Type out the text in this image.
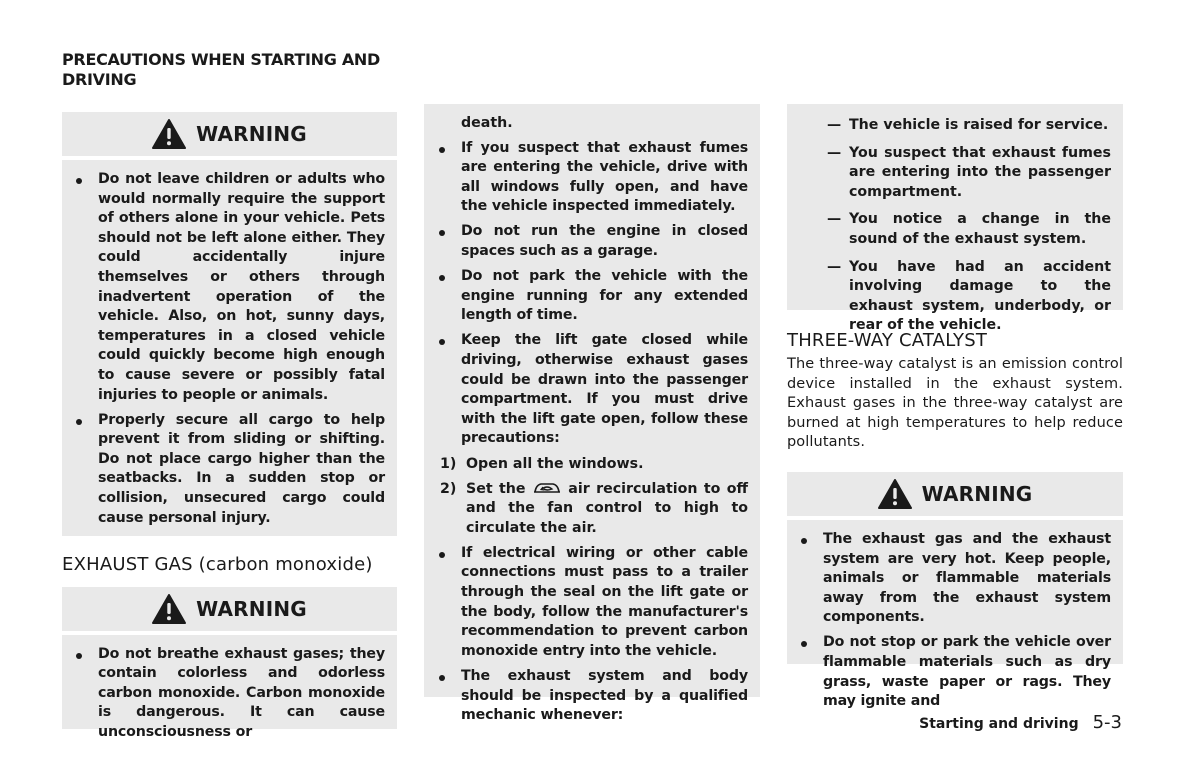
PRECAUTIONS WHEN STARTING AND DRIVING
WARNING
Do not leave children or adults who would normally require the support of others alone in your vehicle. Pets should not be left alone either. They could accidentally injure themselves or others through inadvertent operation of the vehicle. Also, on hot, sunny days, temperatures in a closed vehicle could quickly become high enough to cause severe or possibly fatal injuries to people or animals.
Properly secure all cargo to help prevent it from sliding or shifting. Do not place cargo higher than the seatbacks. In a sudden stop or collision, unsecured cargo could cause personal injury.
EXHAUST GAS (carbon monoxide)
WARNING
Do not breathe exhaust gases; they contain colorless and odorless carbon monoxide. Carbon monoxide is dangerous. It can cause unconsciousness or
death.
If you suspect that exhaust fumes are entering the vehicle, drive with all windows fully open, and have the vehicle inspected immediately.
Do not run the engine in closed spaces such as a garage.
Do not park the vehicle with the engine running for any extended length of time.
Keep the lift gate closed while driving, otherwise exhaust gases could be drawn into the passenger compartment. If you must drive with the lift gate open, follow these precautions:
1) Open all the windows.
2) Set the	air recirculation to off and the fan control to high to circulate the air.
If electrical wiring or other cable connections must pass to a trailer through the seal on the lift gate or the body, follow the manufacturer's recommendation to prevent carbon monoxide entry into the vehicle.
The exhaust system and body should be inspected by a qualified mechanic whenever:
— The vehicle is raised for service.
— You suspect that exhaust fumes are entering into the passenger compartment.
— You notice a change in the sound of the exhaust system.
— You have had an accident involving damage to the exhaust system, underbody, or rear of the vehicle.
THREE-WAY CATALYST
The three-way catalyst is an emission control device installed in the exhaust system. Exhaust gases in the three-way catalyst are burned at high temperatures to help reduce pollutants.
WARNING
The exhaust gas and the exhaust system are very hot. Keep people, animals or flammable materials away from the exhaust system components.
Do not stop or park the vehicle over flammable materials such as dry grass, waste paper or rags. They may ignite and
Starting and driving 5-3
